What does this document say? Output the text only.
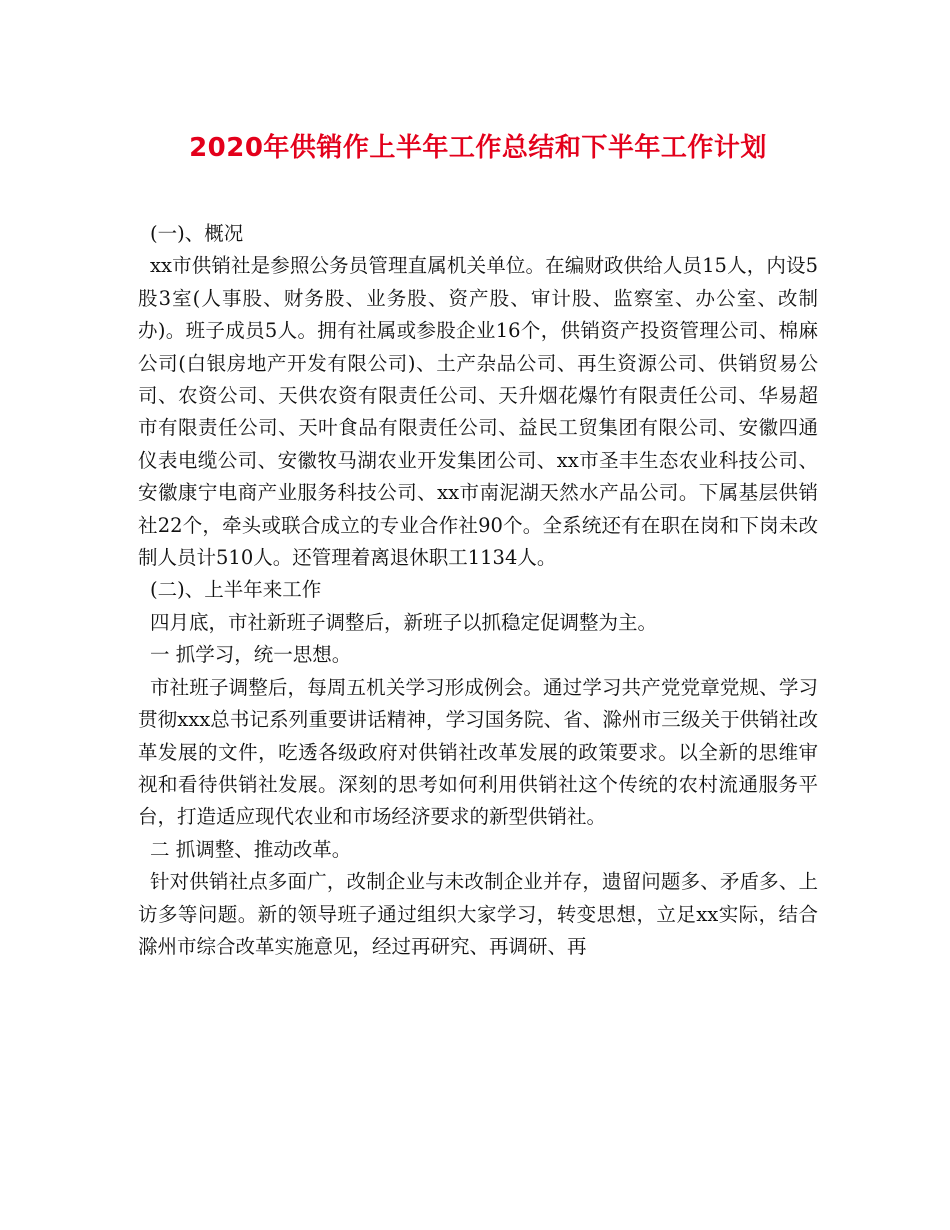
2020年供销作上半年工作总结和下半年工作计划

(一)、概况

xx市供销社是参照公务员管理直属机关单位。在编财政供给人员15人，内设5股3室(人事股、财务股、业务股、资产股、审计股、监察室、办公室、改制办)。班子成员5人。拥有社属或参股企业16个，供销资产投资管理公司、棉麻公司(白银房地产开发有限公司)、土产杂品公司、再生资源公司、供销贸易公司、农资公司、天供农资有限责任公司、天升烟花爆竹有限责任公司、华易超市有限责任公司、天叶食品有限责任公司、益民工贸集团有限公司、安徽四通仪表电缆公司、安徽牧马湖农业开发集团公司、xx市圣丰生态农业科技公司、安徽康宁电商产业服务科技公司、xx市南泥湖天然水产品公司。下属基层供销社22个，牵头或联合成立的专业合作社90个。全系统还有在职在岗和下岗未改制人员计510人。还管理着离退休职工1134人。

(二)、上半年来工作

四月底，市社新班子调整后，新班子以抓稳定促调整为主。

一 抓学习，统一思想。

市社班子调整后，每周五机关学习形成例会。通过学习共产党党章党规、学习贯彻xxx总书记系列重要讲话精神，学习国务院、省、滁州市三级关于供销社改革发展的文件，吃透各级政府对供销社改革发展的政策要求。以全新的思维审视和看待供销社发展。深刻的思考如何利用供销社这个传统的农村流通服务平台，打造适应现代农业和市场经济要求的新型供销社。

二 抓调整、推动改革。

针对供销社点多面广，改制企业与未改制企业并存，遗留问题多、矛盾多、上访多等问题。新的领导班子通过组织大家学习，转变思想，立足xx实际，结合滁州市综合改革实施意见，经过再研究、再调研、再
